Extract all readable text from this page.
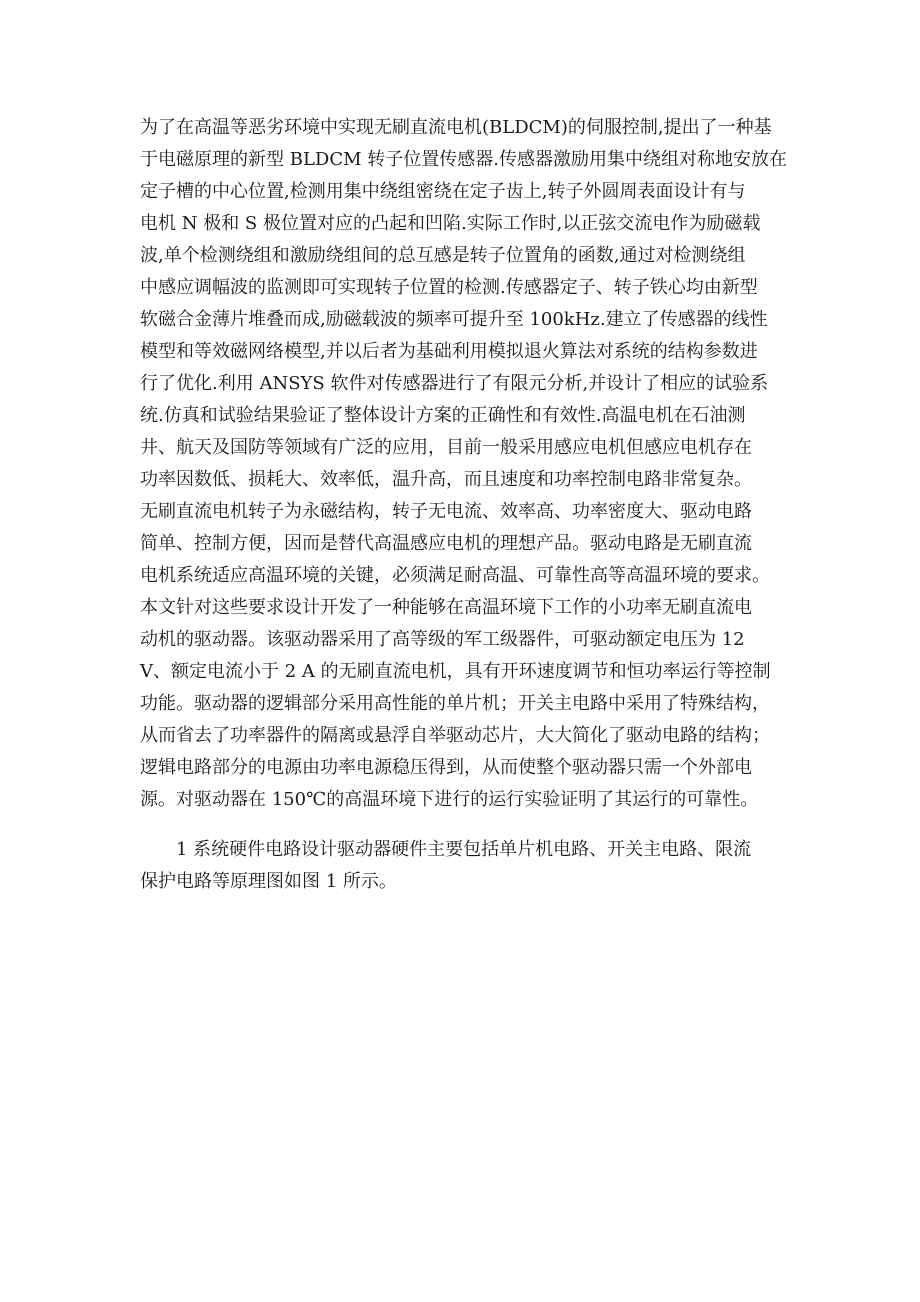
为了在高温等恶劣环境中实现无刷直流电机(BLDCM)的伺服控制,提出了一种基
于电磁原理的新型 BLDCM 转子位置传感器.传感器激励用集中绕组对称地安放在
定子槽的中心位置,检测用集中绕组密绕在定子齿上,转子外圆周表面设计有与
电机 N 极和 S 极位置对应的凸起和凹陷.实际工作时,以正弦交流电作为励磁载
波,单个检测绕组和激励绕组间的总互感是转子位置角的函数,通过对检测绕组
中感应调幅波的监测即可实现转子位置的检测.传感器定子、转子铁心均由新型
软磁合金薄片堆叠而成,励磁载波的频率可提升至 100kHz.建立了传感器的线性
模型和等效磁网络模型,并以后者为基础利用模拟退火算法对系统的结构参数进
行了优化.利用 ANSYS 软件对传感器进行了有限元分析,并设计了相应的试验系
统.仿真和试验结果验证了整体设计方案的正确性和有效性.高温电机在石油测
井、航天及国防等领域有广泛的应用，目前一般采用感应电机但感应电机存在
功率因数低、损耗大、效率低，温升高，而且速度和功率控制电路非常复杂。
无刷直流电机转子为永磁结构，转子无电流、效率高、功率密度大、驱动电路
简单、控制方便，因而是替代高温感应电机的理想产品。驱动电路是无刷直流
电机系统适应高温环境的关键，必须满足耐高温、可靠性高等高温环境的要求。
本文针对这些要求设计开发了一种能够在高温环境下工作的小功率无刷直流电
动机的驱动器。该驱动器采用了高等级的军工级器件，可驱动额定电压为 12
V、额定电流小于 2 A 的无刷直流电机，具有开环速度调节和恒功率运行等控制
功能。驱动器的逻辑部分采用高性能的单片机；开关主电路中采用了特殊结构，
从而省去了功率器件的隔离或悬浮自举驱动芯片，大大简化了驱动电路的结构；
逻辑电路部分的电源由功率电源稳压得到，从而使整个驱动器只需一个外部电
源。对驱动器在 150℃的高温环境下进行的运行实验证明了其运行的可靠性。
1 系统硬件电路设计驱动器硬件主要包括单片机电路、开关主电路、限流
保护电路等原理图如图 1 所示。
